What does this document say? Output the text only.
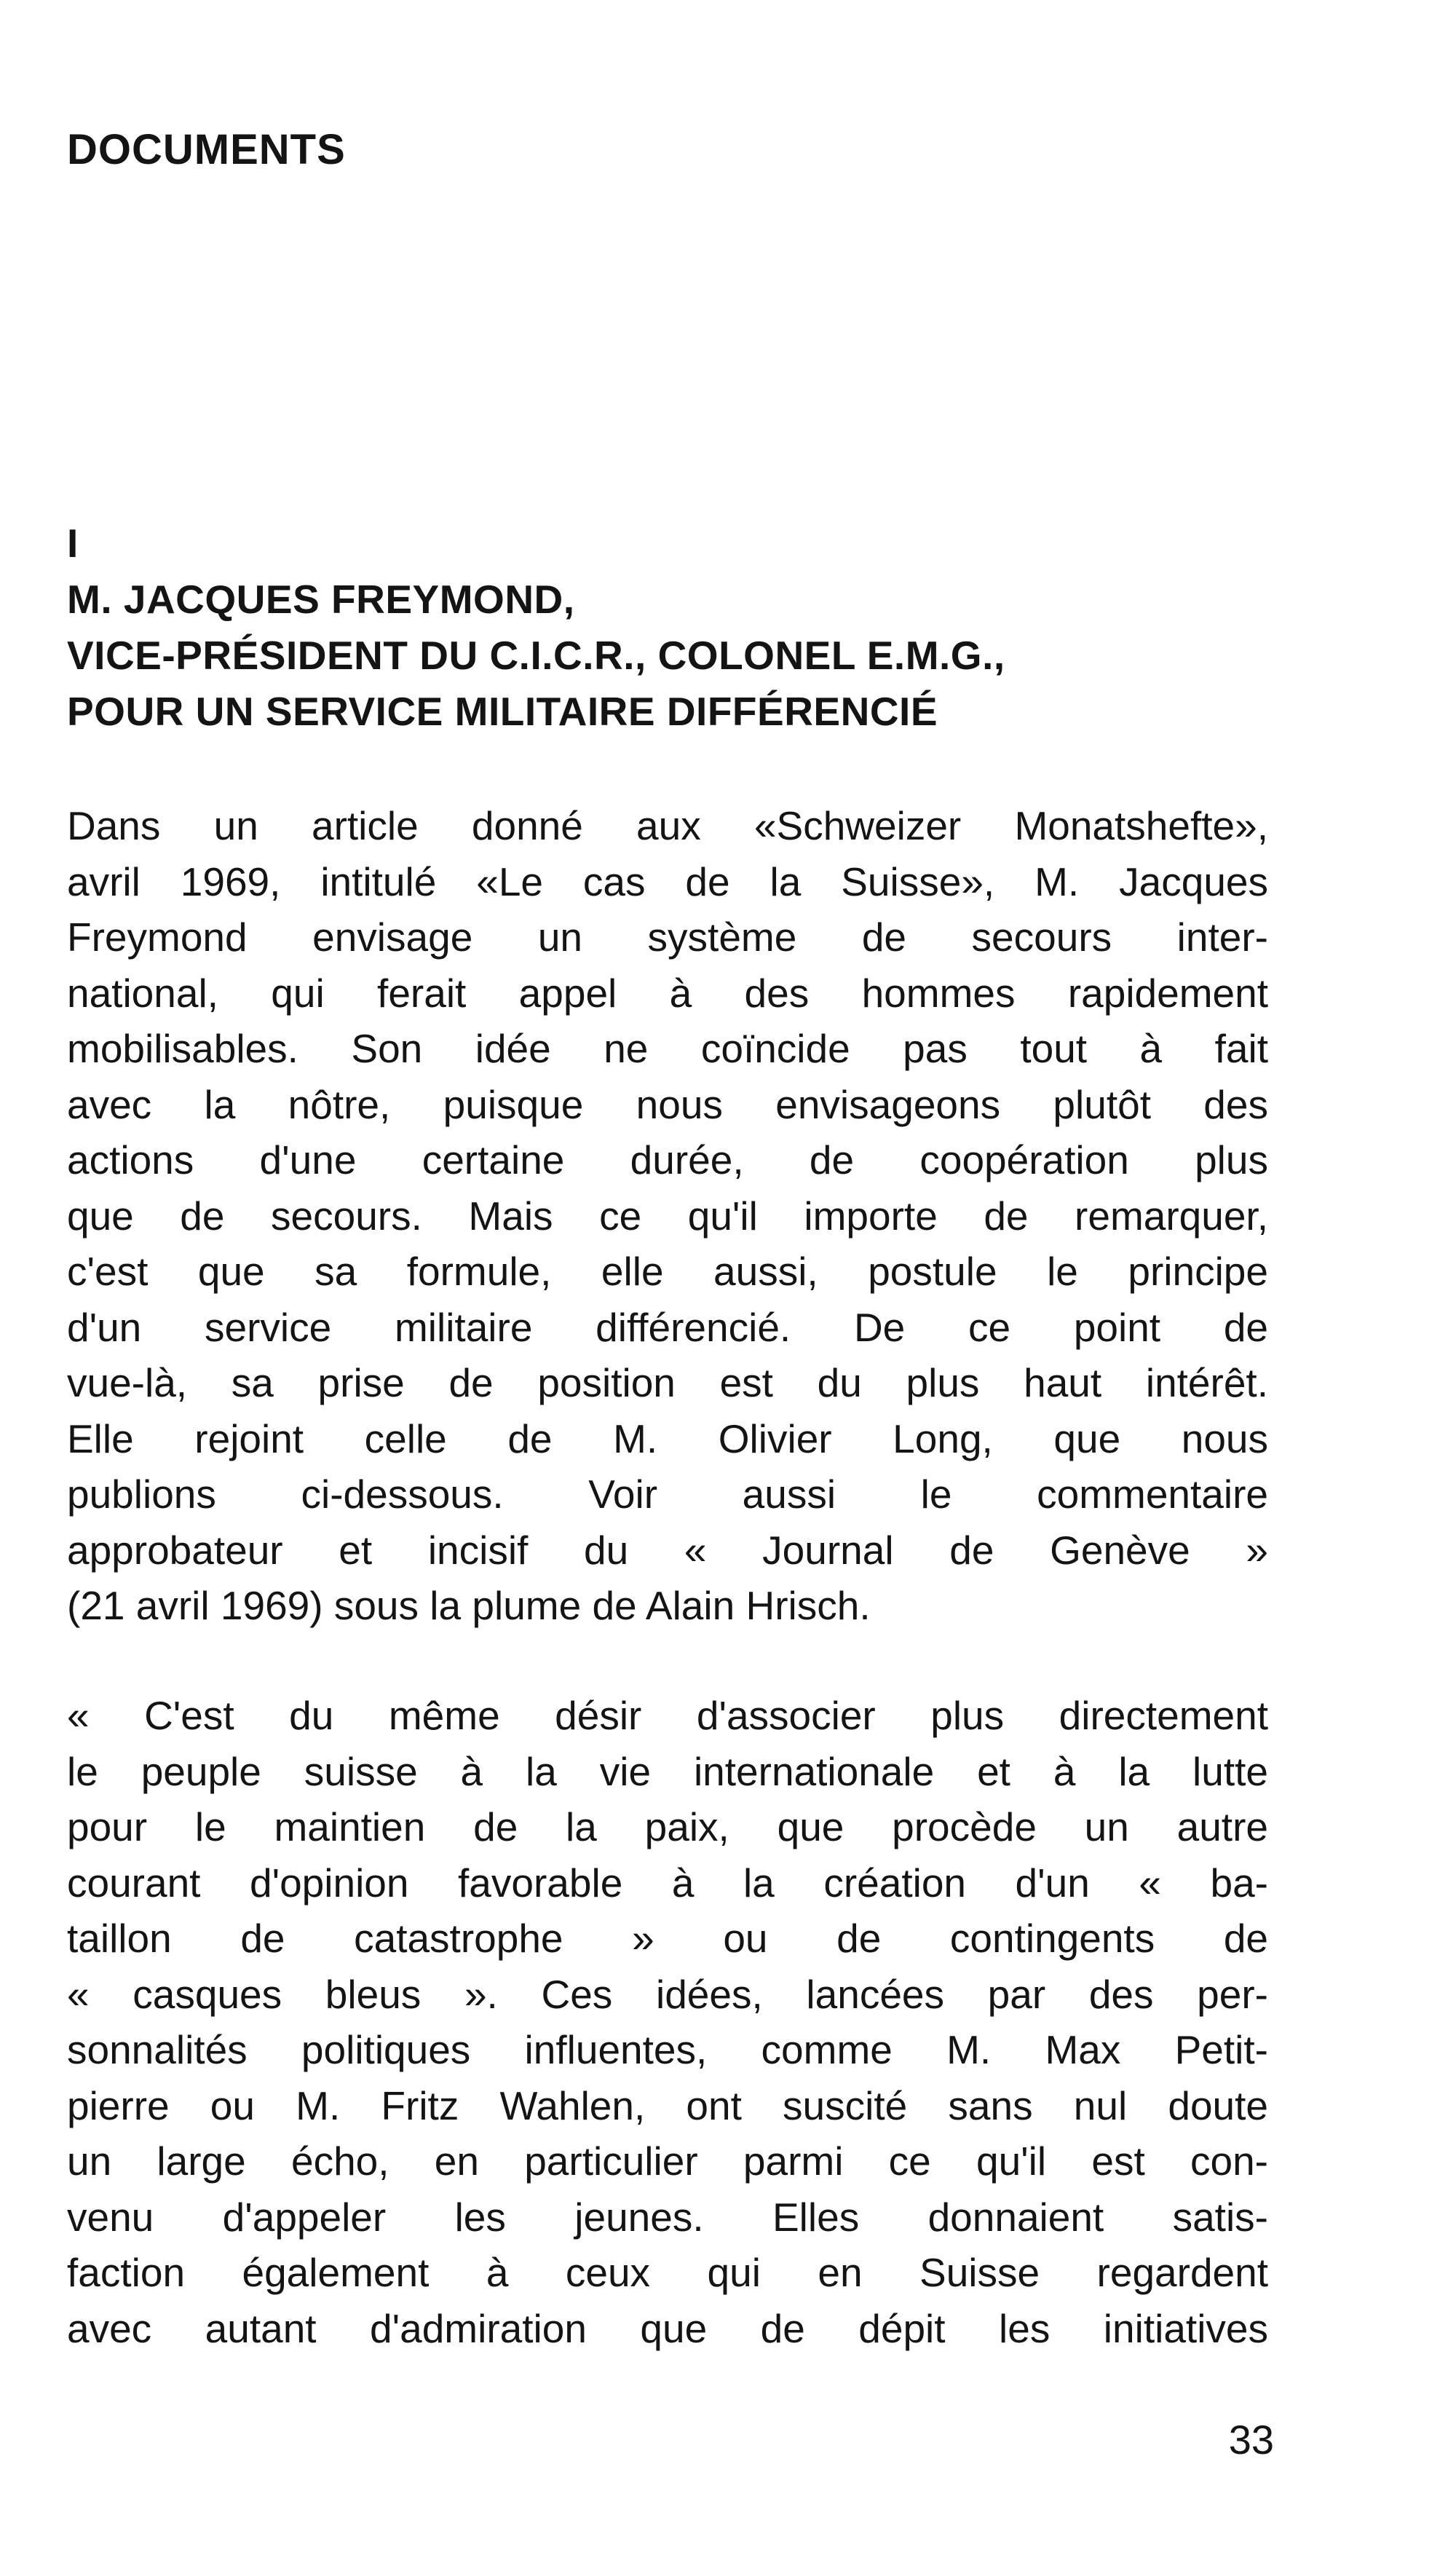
DOCUMENTS
I
M. JACQUES FREYMOND,
VICE-PRÉSIDENT DU C.I.C.R., COLONEL E.M.G.,
POUR UN SERVICE MILITAIRE DIFFÉRENCIÉ
Dans un article donné aux «Schweizer Monatshefte»,
avril 1969, intitulé «Le cas de la Suisse», M. Jacques
Freymond envisage un système de secours inter-
national, qui ferait appel à des hommes rapidement
mobilisables. Son idée ne coïncide pas tout à fait
avec la nôtre, puisque nous envisageons plutôt des
actions d'une certaine durée, de coopération plus
que de secours. Mais ce qu'il importe de remarquer,
c'est que sa formule, elle aussi, postule le principe
d'un service militaire différencié. De ce point de
vue-là, sa prise de position est du plus haut intérêt.
Elle rejoint celle de M. Olivier Long, que nous
publions ci-dessous. Voir aussi le commentaire
approbateur et incisif du « Journal de Genève »
(21 avril 1969) sous la plume de Alain Hrisch.
« C'est du même désir d'associer plus directement
le peuple suisse à la vie internationale et à la lutte
pour le maintien de la paix, que procède un autre
courant d'opinion favorable à la création d'un « ba-
taillon de catastrophe » ou de contingents de
« casques bleus ». Ces idées, lancées par des per-
sonnalités politiques influentes, comme M. Max Petit-
pierre ou M. Fritz Wahlen, ont suscité sans nul doute
un large écho, en particulier parmi ce qu'il est con-
venu d'appeler les jeunes. Elles donnaient satis-
faction également à ceux qui en Suisse regardent
avec autant d'admiration que de dépit les initiatives
33
